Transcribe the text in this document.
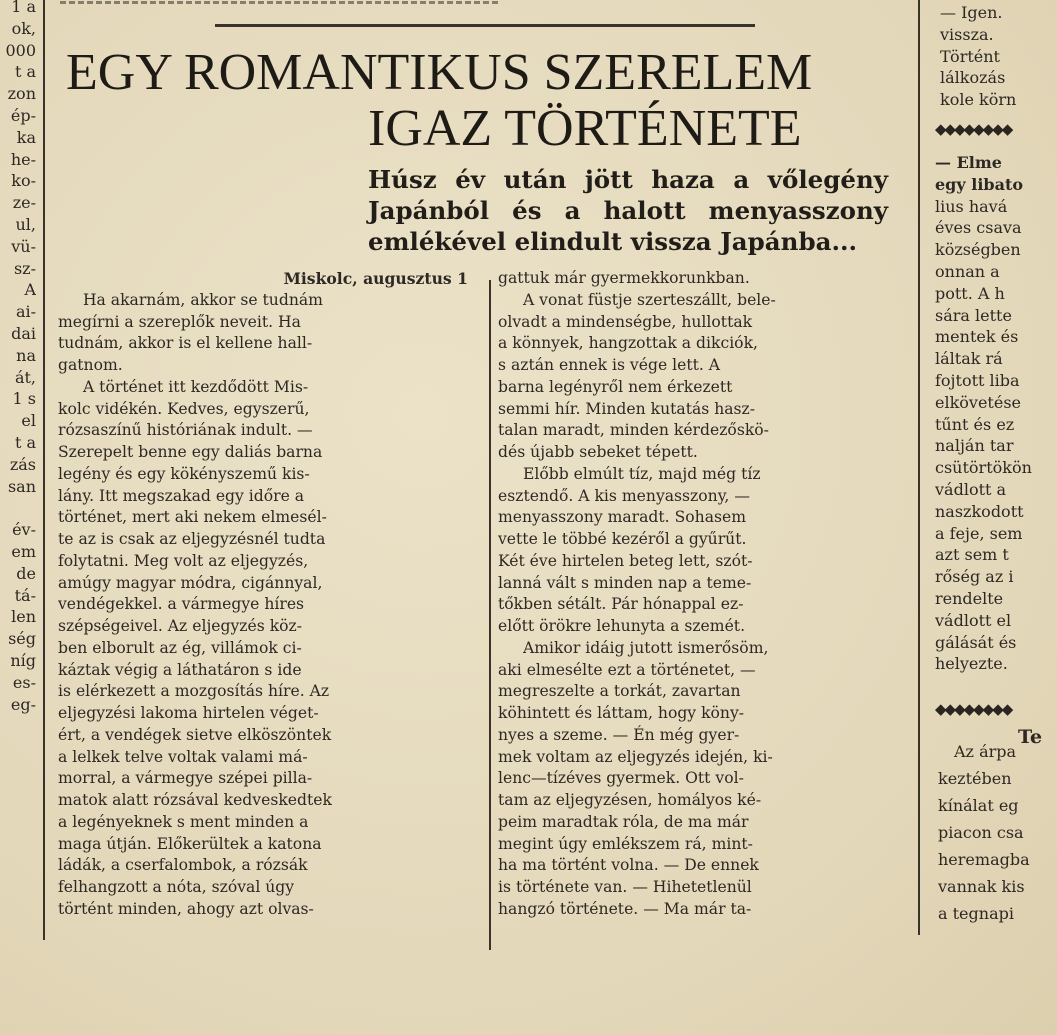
EGY ROMANTIKUS SZERELEM
IGAZ TÖRTÉNETE
Húsz év után jött haza a vőlegény Japánból és a halott menyasszony emlékével elindult vissza Japánba...
Miskolc, augusztus 1
Ha akarnám, akkor se tudnám
megírni a szereplők neveit. Ha
tudnám, akkor is el kellene hall-
gatnom.
A történet itt kezdődött Mis-
kolc vidékén. Kedves, egyszerű,
rózsaszínű históriának indult. —
Szerepelt benne egy daliás barna
legény és egy kökényszemű kis-
lány. Itt megszakad egy időre a
történet, mert aki nekem elmesél-
te az is csak az eljegyzésnél tudta
folytatni. Meg volt az eljegyzés,
amúgy magyar módra, cigánnyal,
vendégekkel. a vármegye híres
szépségeivel. Az eljegyzés köz-
ben elborult az ég, villámok ci-
káztak végig a láthatáron s ide
is elérkezett a mozgosítás híre. Az
eljegyzési lakoma hirtelen véget-
ért, a vendégek sietve elköszöntek
a lelkek telve voltak valami má-
morral, a vármegye szépei pilla-
matok alatt rózsával kedveskedtek
a legényeknek s ment minden a
maga útján. Előkerültek a katona
ládák, a cserfalombok, a rózsák
felhangzott a nóta, szóval úgy
történt minden, ahogy azt olvas-
gattuk már gyermekkorunkban.
A vonat füstje szerteszállt, bele-
olvadt a mindenségbe, hullottak
a könnyek, hangzottak a dikciók,
s aztán ennek is vége lett. A
barna legényről nem érkezett
semmi hír. Minden kutatás hasz-
talan maradt, minden kérdezőskö-
dés újabb sebeket tépett.
Előbb elmúlt tíz, majd még tíz
esztendő. A kis menyasszony, —
menyasszony maradt. Sohasem
vette le többé kezéről a gyűrűt.
Két éve hirtelen beteg lett, szót-
lanná vált s minden nap a teme-
tőkben sétált. Pár hónappal ez-
előtt örökre lehunyta a szemét.
Amikor idáig jutott ismerősöm,
aki elmesélte ezt a történetet, —
megreszelte a torkát, zavartan
köhintett és láttam, hogy köny-
nyes a szeme. — Én még gyer-
mek voltam az eljegyzés idején, ki-
lenc—tízéves gyermek. Ott vol-
tam az eljegyzésen, homályos ké-
peim maradtak róla, de ma már
megint úgy emlékszem rá, mint-
ha ma történt volna. — De ennek
is története van. — Hihetetlenül
hangzó története. — Ma már ta-
1 a
ok,
000
t a
zon
ép-
ka
he-
ko-
ze-
ul,
vü-
sz-
A
ai-
dai
na
át,
1 s
el
t a
zás
san

év-
em
de
tá-
len
ség
níg
es-
eg-
— Igen.
vissza.
Történt
lálkozás
kole körn
◆◆◆◆◆◆◆◆
— Elme
egy libato
lius havá
éves csava
községben
onnan a
pott. A h
sára lette
mentek és
láltak rá
fojtott liba
elkövetése
tűnt és ez
nalján tar
csütörtökön
vádlott a
naszkodott
a feje, sem
azt sem t
rőség az i
rendelte
vádlott el
gálását és
helyezte.
◆◆◆◆◆◆◆◆
Te
Az árpa
keztében
kínálat eg
piacon csa
heremagba
vannak kis
a tegnapi
